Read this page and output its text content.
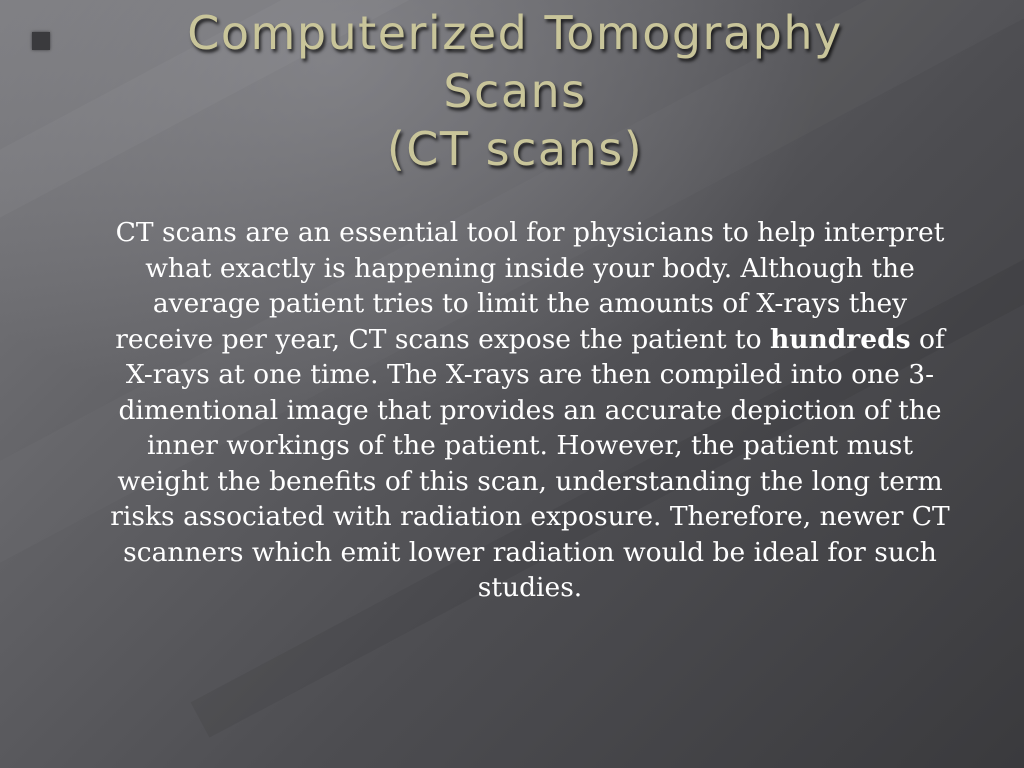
Computerized Tomography
Scans
(CT scans)

CT scans are an essential tool for physicians to help interpret what exactly is happening inside your body. Although the average patient tries to limit the amounts of X-rays they receive per year, CT scans expose the patient to hundreds of X-rays at one time. The X-rays are then compiled into one 3-dimentional image that provides an accurate depiction of the inner workings of the patient. However, the patient must weight the benefits of this scan, understanding the long term risks associated with radiation exposure. Therefore, newer CT scanners which emit lower radiation would be ideal for such studies.
